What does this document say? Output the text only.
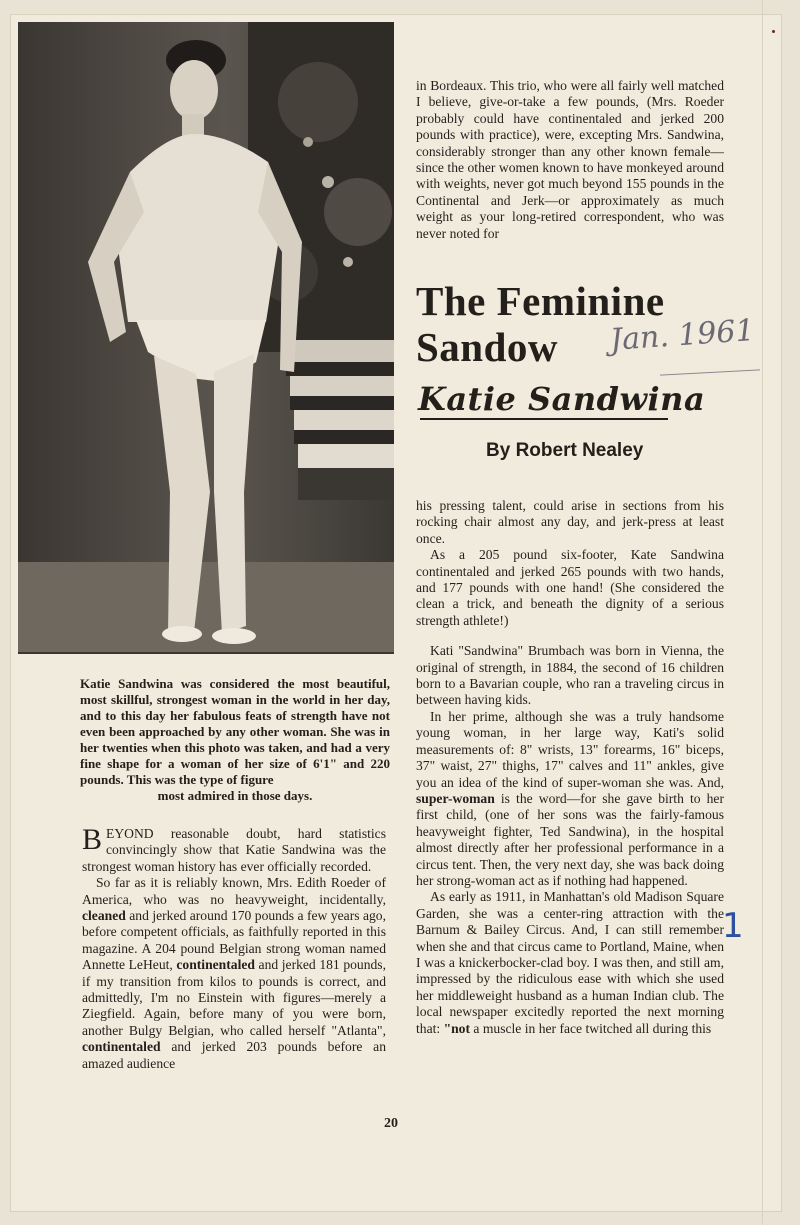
Katie Sandwina was considered the most beautiful, most skillful, strongest woman in the world in her day, and to this day her fabulous feats of strength have not even been approached by any other woman. She was in her twenties when this photo was taken, and had a very fine shape for a woman of her size of 6'1" and 220 pounds. This was the type of figure
most admired in those days.

BEYOND reasonable doubt, hard statistics convincingly show that Katie Sandwina was the strongest woman history has ever officially recorded.

So far as it is reliably known, Mrs. Edith Roeder of America, who was no heavyweight, incidentally, cleaned and jerked around 170 pounds a few years ago, before competent officials, as faithfully reported in this magazine. A 204 pound Belgian strong woman named Annette LeHeut, continentaled and jerked 181 pounds, if my transition from kilos to pounds is correct, and admittedly, I'm no Einstein with figures—merely a Ziegfield. Again, before many of you were born, another Bulgy Belgian, who called herself "Atlanta", continentaled and jerked 203 pounds before an amazed audience

in Bordeaux. This trio, who were all fairly well matched I believe, give-or-take a few pounds, (Mrs. Roeder probably could have continentaled and jerked 200 pounds with practice), were, excepting Mrs. Sandwina, considerably stronger than any other known female—since the other women known to have monkeyed around with weights, never got much beyond 155 pounds in the Continental and Jerk—or approximately as much weight as your long-retired correspondent, who was never noted for

The Feminine
Sandow	Jan. 1961
Katie Sandwina
By Robert Nealey

his pressing talent, could arise in sections from his rocking chair almost any day, and jerk-press at least once.

As a 205 pound six-footer, Kate Sandwina continentaled and jerked 265 pounds with two hands, and 177 pounds with one hand! (She considered the clean a trick, and beneath the dignity of a serious strength athlete!)

Kati "Sandwina" Brumbach was born in Vienna, the original of strength, in 1884, the second of 16 children born to a Bavarian couple, who ran a traveling circus in between having kids.

In her prime, although she was a truly handsome young woman, in her large way, Kati's solid measurements of: 8" wrists, 13" forearms, 16" biceps, 37" waist, 27" thighs, 17" calves and 11" ankles, give you an idea of the kind of super-woman she was. And, super-woman is the word—for she gave birth to her first child, (one of her sons was the fairly-famous heavyweight fighter, Ted Sandwina), in the hospital almost directly after her professional performance in a circus tent. Then, the very next day, she was back doing her strong-woman act as if nothing had happened.

As early as 1911, in Manhattan's old Madison Square Garden, she was a center-ring attraction with the Barnum & Bailey Circus. And, I can still remember when she and that circus came to Portland, Maine, when I was a knickerbocker-clad boy. I was then, and still am, impressed by the ridiculous ease with which she used her middleweight husband as a human Indian club. The local newspaper excitedly reported the next morning that: "not a muscle in her face twitched all during this

1
20
